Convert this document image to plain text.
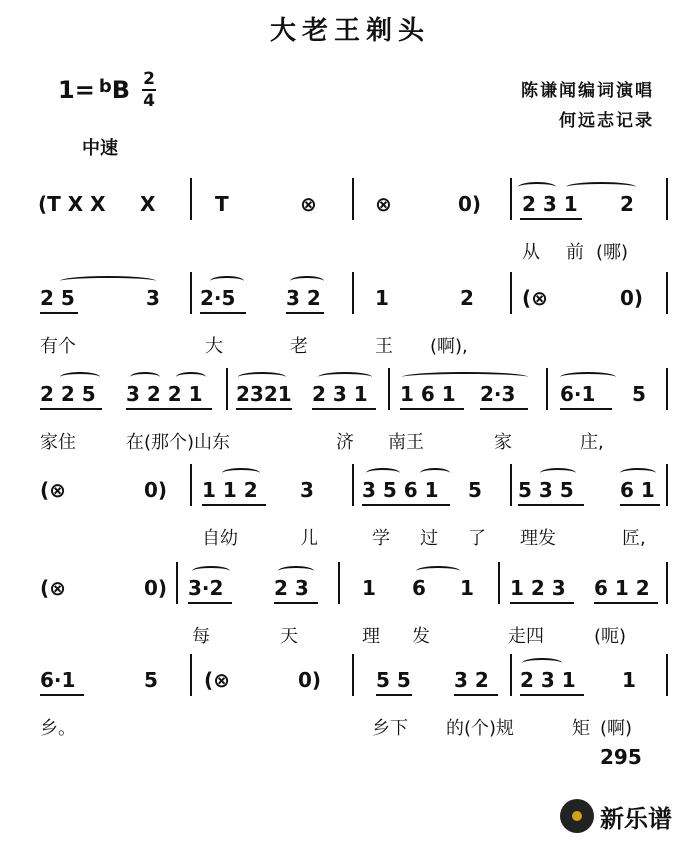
大老王剃头
1= $^b$B 2
4	陈谦闻编词演唱
何远志记录
中速
(T X X X	T	⊗	⊗	0) 2 3 1 2
从 前 (哪)
2 5	3 2·5	3 2	1	2 (⊗	0)
有个	大	老	王 (啊),
2 2 5 3 2 2 1 2321 2 3 1 1 6 1 2·3 6·1 5
家住	在(那个)山东	济 南王	家	庄,
(⊗	0) 1 1 2 3 3 5 6 1 5 5 3 5 6 1
自幼	儿	学 过 了 理发	匠,
(⊗	0) 3·2	2 3	1 6 1 1 2 3 6 1 2
每	天	理 发	走四	(呃)
6·1	5 (⊗	0)	5 5 3 2 2 3 1 1
乡。	乡下 的(个)规	矩 (啊)
295
新乐谱
